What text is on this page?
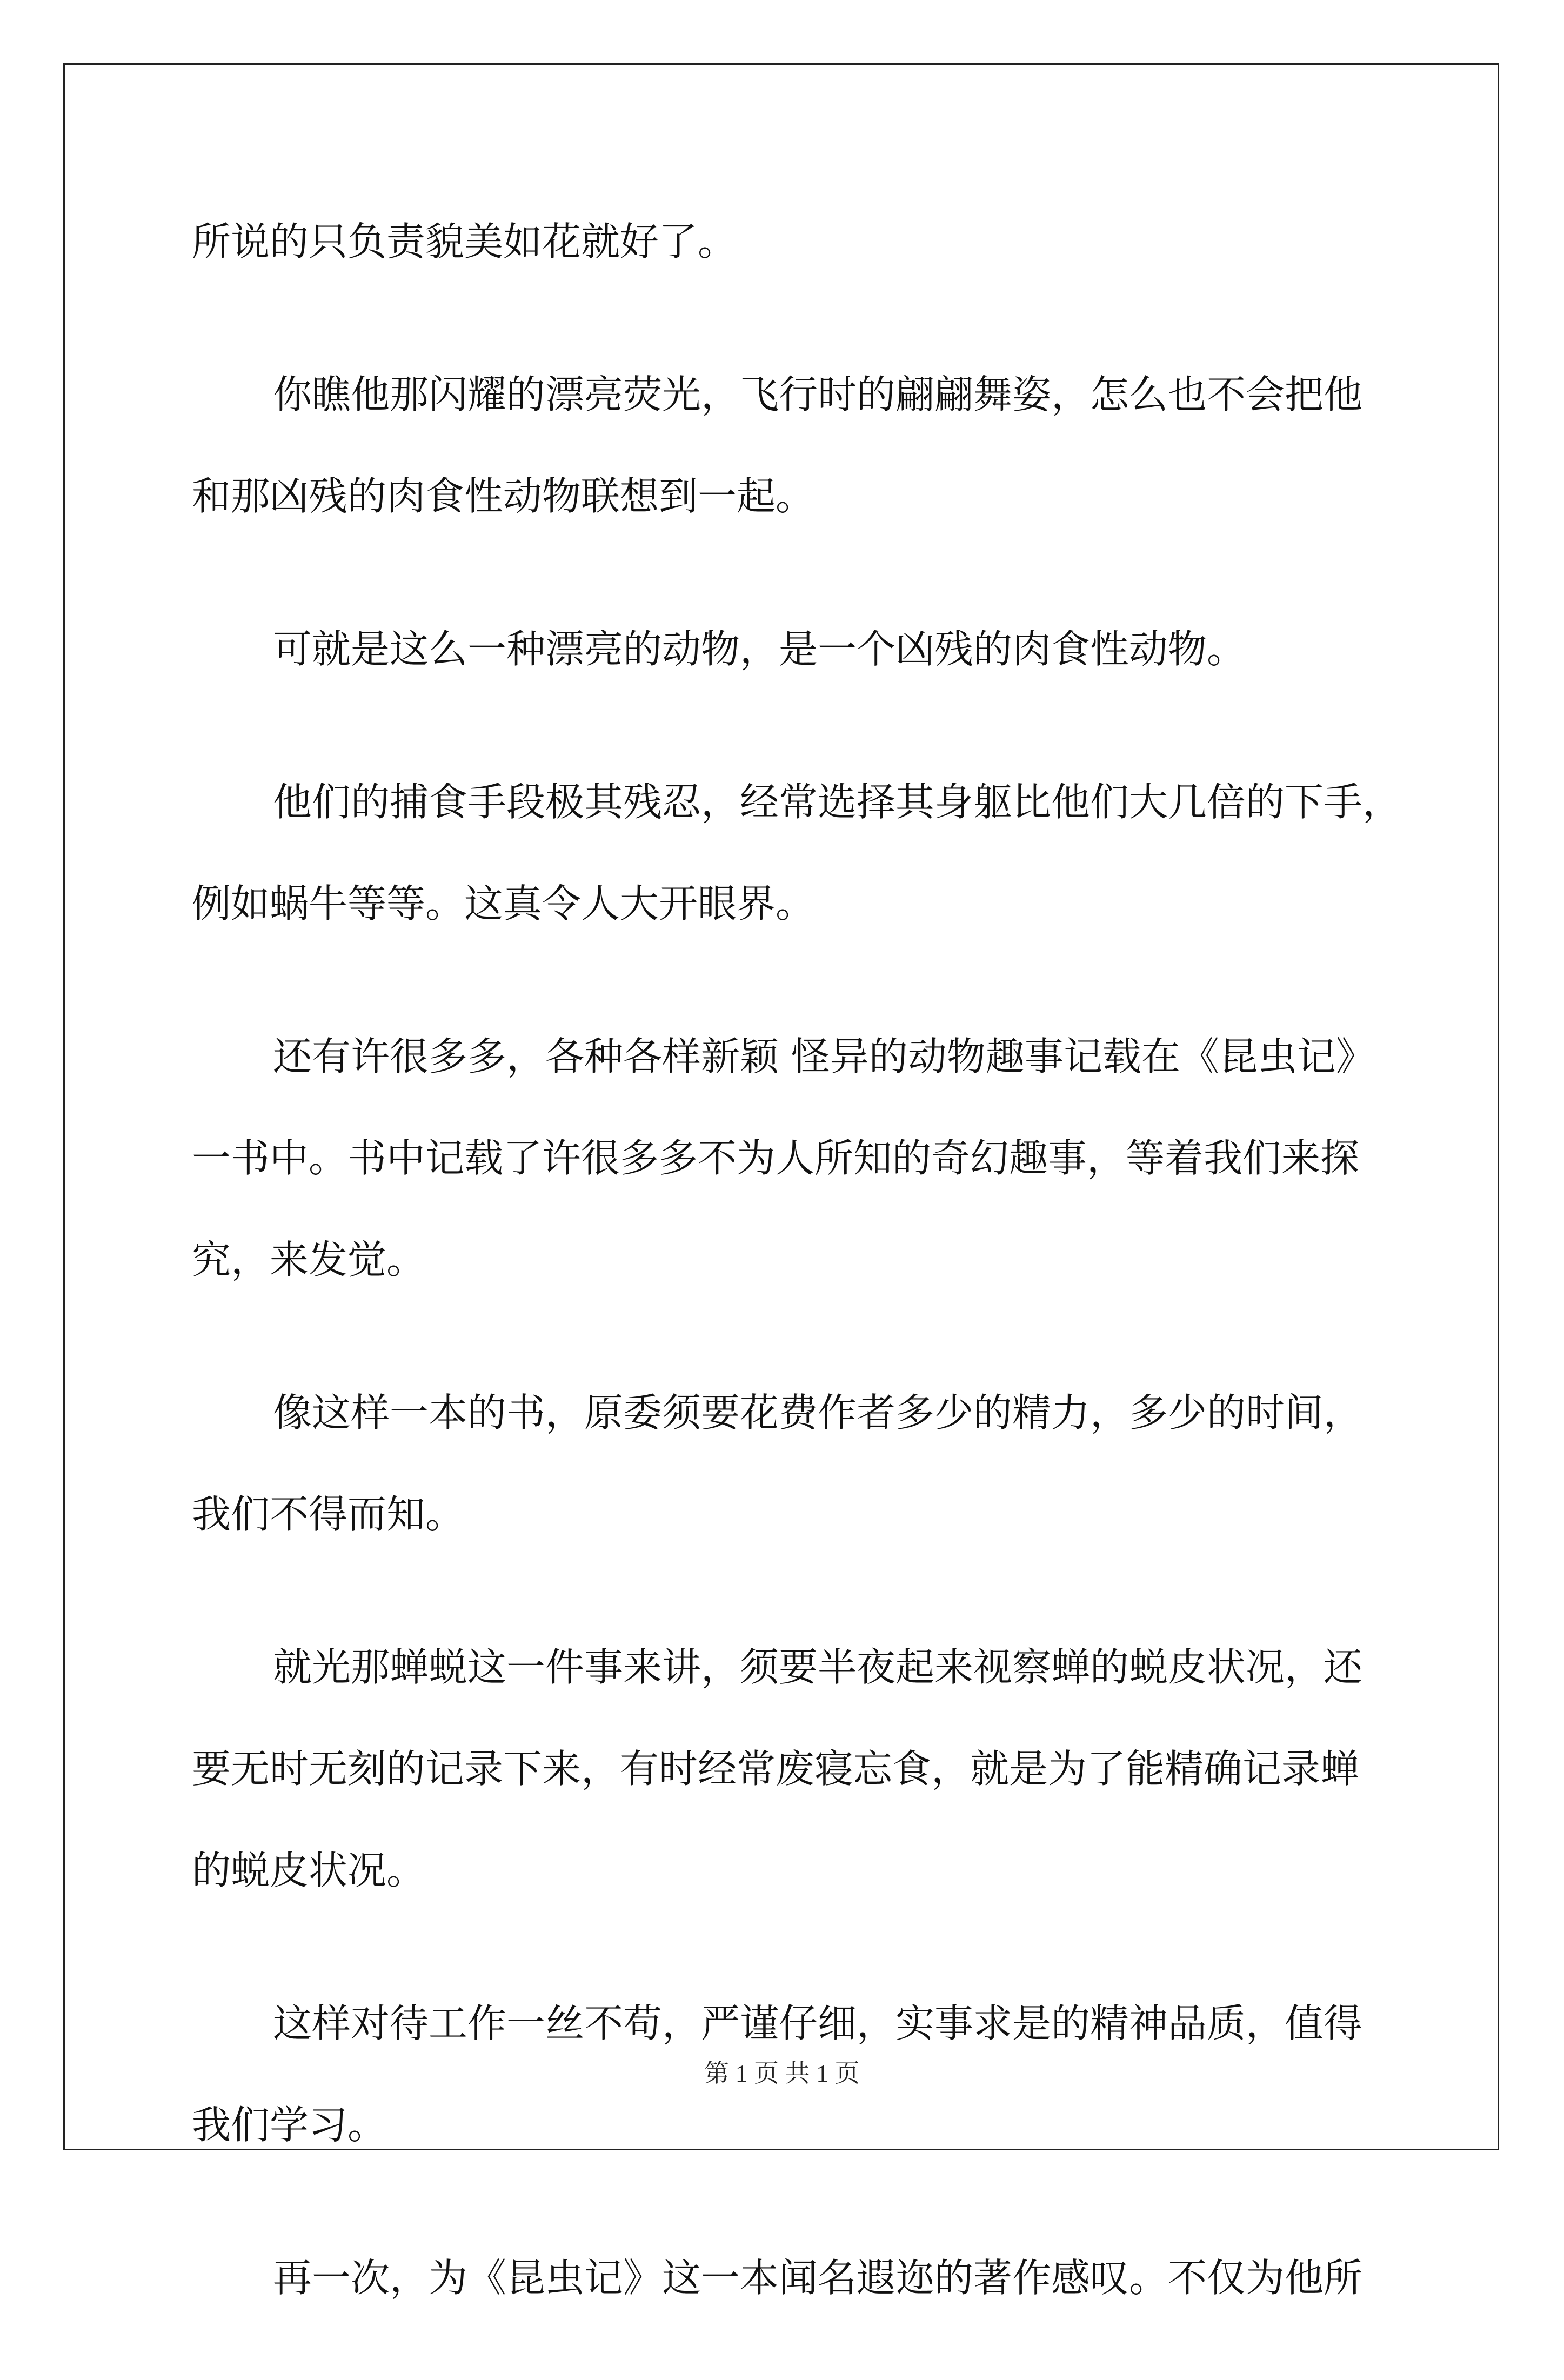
所说的只负责貌美如花就好了。
你瞧他那闪耀的漂亮荧光，飞行时的翩翩舞姿，怎么也不会把他
和那凶残的肉食性动物联想到一起。
可就是这么一种漂亮的动物，是一个凶残的肉食性动物。
他们的捕食手段极其残忍，经常选择其身躯比他们大几倍的下手，
例如蜗牛等等。这真令人大开眼界。
还有许很多多，各种各样新颖 怪异的动物趣事记载在《昆虫记》
一书中。书中记载了许很多多不为人所知的奇幻趣事，等着我们来探
究，来发觉。
像这样一本的书，原委须要花费作者多少的精力，多少的时间，
我们不得而知。
就光那蝉蜕这一件事来讲，须要半夜起来视察蝉的蜕皮状况，还
要无时无刻的记录下来，有时经常废寝忘食，就是为了能精确记录蝉
的蜕皮状况。
这样对待工作一丝不苟，严谨仔细，实事求是的精神品质，值得
我们学习。
再一次，为《昆虫记》这一本闻名遐迩的著作感叹。不仅为他所
第 1 页 共 1 页
